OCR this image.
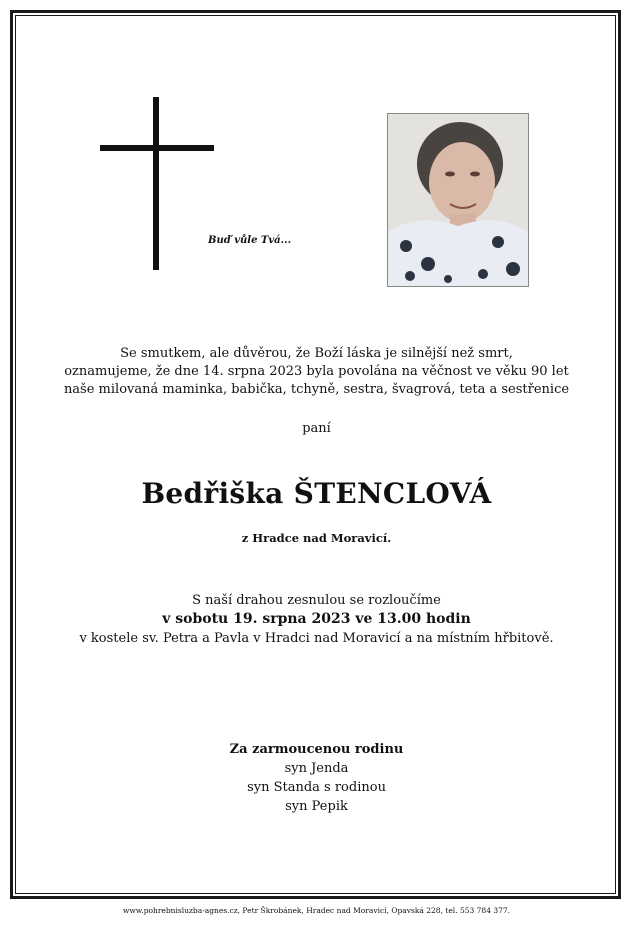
Buď vůle Tvá...
Se smutkem, ale důvěrou, že Boží láska je silnější než smrt,
oznamujeme, že dne 14. srpna 2023 byla povolána na věčnost ve věku 90 let
naše milovaná maminka, babička, tchyně, sestra, švagrová, teta a sestřenice
paní
Bedřiška ŠTENCLOVÁ
z Hradce nad Moravicí.
S naší drahou zesnulou se rozloučíme
v sobotu 19. srpna 2023 ve 13.00 hodin
v kostele sv. Petra a Pavla v Hradci nad Moravicí a na místním hřbitově.
Za zarmoucenou rodinu
syn Jenda
syn Standa s rodinou
syn Pepik
www.pohrebnisluzba-agnes.cz, Petr Škrobánek, Hradec nad Moravicí, Opavská 228, tel. 553 784 377.
